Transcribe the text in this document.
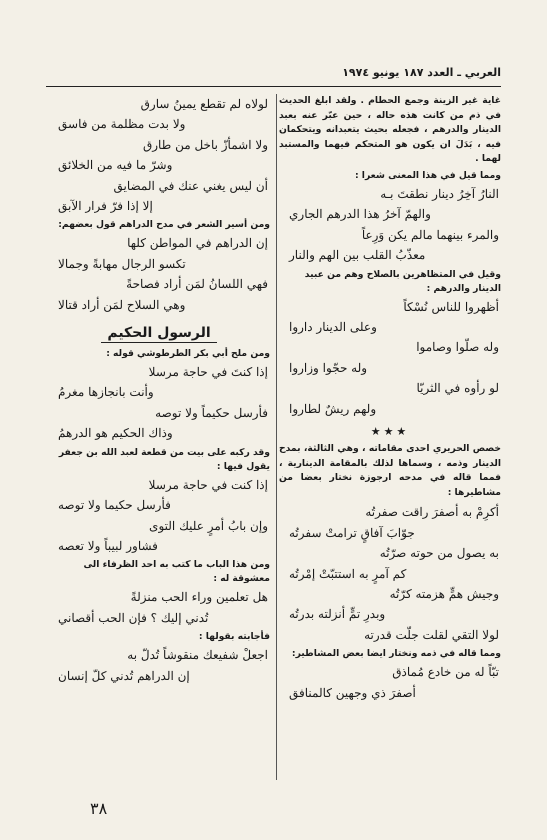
العربي ـ العدد ١٨٧ يونيو ١٩٧٤

غاية غير الزينة وجمع الحطام . ولقد ابلغ الحديث في ذم من كانت هذه حاله ، حين عبّر عنه بعبد الدينار والدرهم ، فجعله بحيث يتعبدانه ويتحكمان فيه ، بَدَلَ ان يكون هو المتحكم فيهما والمستبد لهما .

ومما قيل في هذا المعنى شعرا :

النارُ آخِرُ دينار نطقتَ بـه
والهمّ آخرُ هذا الدرهم الجاري
والمرء بينهما مالم يكن وَرِعاً
معذّبُ القلب بين الهم والنار

وقيل في المتظاهرين بالصلاح وهم من عبيد الدينار والدرهم :

أظهروا للناس نُسْكاً
وعلى الدينار داروا
وله صلّوا وصاموا
وله حجّوا وزاروا
لو رأوه في الثريّا
ولهم ريشٌ لطاروا
★★★

خصص الحريري احدى مقاماته ، وهي الثالثة، بمدح الدينار وذمه ، وسماها لذلك بالمقامة الدينارية ، فمما قاله في مدحه ارجوزة نختار بعضا من مشاطيرها :

أكرِمْ به أصفرَ راقت صفرتُه
جوّابَ آفاقٍ ترامتْ سفرتُه
به يصول من حوته صرّتُه
كم آمرٍ به استتبّتْ إمْرتُه
وجيش همٍّ هزمته كرّتُه
وبدرِ تمٍّ أنزلته بدرتُه
لولا التقي لقلت جلّت قدرته

ومما قاله في ذمه ونختار ايضا بعض المشاطير:

تبّاً له من خادع مُماذق
أصفرَ ذي وجهين كالمنافق
لولاه لم تقطع يمينُ سارق
ولا بدت مظلمة من فاسق
ولا اشمأزّ باخل من طارق
وشرّ ما فيه من الخلائق
أن ليس يغني عنك في المضايق
إلا إذا فرّ فرار الآبق

ومن أسير الشعر في مدح الدراهم قول بعضهم:

إن الدراهم في المواطن كلها
تكسو الرجال مهابةً وجمالا
فهي اللسانُ لمَن أراد فصاحةً
وهي السلاح لمَن أراد قتالا
الرسول الحكيم

ومن ملح أبي بكر الطرطوشي قوله :

إذا كنتَ في حاجة مرسلا
وأنت بانجازها مغرمُ
فأرسل حكيماً ولا توصه
وذاك الحكيم هو الدرهمُ

وقد ركبه على بيت من قطعة لعبد الله بن جعفر يقول فيها :

إذا كنت في حاجة مرسلا
فأرسل حكيما ولا توصه
وإن بابُ أمرٍ عليك التوى
فشاور لبيباً ولا تعصه

ومن هذا الباب ما كتب به احد الظرفاء الى معشوقة له :

هل تعلمين وراء الحب منزلةً
تُدني إليك ؟ فإن الحب أقصاني

فأجابته بقولها :

اجعلْ شفيعك منقوشاً تُدلّ به
إن الدراهم تُدني كلّ إنسان
٣٨
